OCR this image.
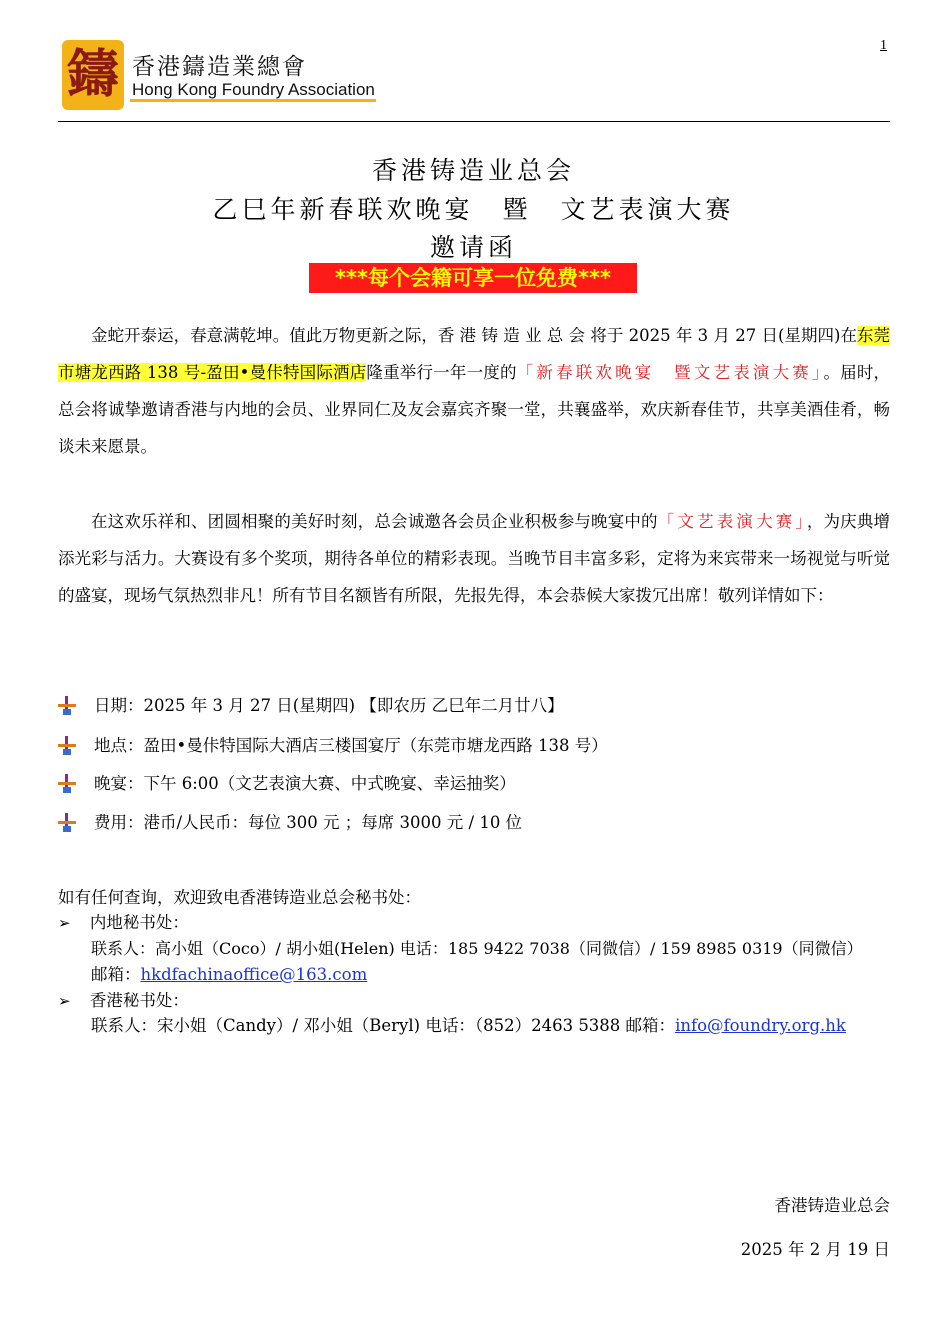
鑄 香港鑄造業總會
Hong Kong Foundry Association
1
香港铸造业总会
乙巳年新春联欢晚宴　暨　文艺表演大赛
邀请函
***每个会籍可享一位免费***
金蛇开泰运，春意满乾坤。值此万物更新之际，香 港 铸 造 业 总 会 将于 2025 年 3 月 27 日(星期四)在东莞市塘龙西路 138 号-盈田•曼佧特国际酒店隆重举行一年一度的「新春联欢晚宴　暨文艺表演大赛」。届时，总会将诚挚邀请香港与内地的会员、业界同仁及友会嘉宾齐聚一堂，共襄盛举，欢庆新春佳节，共享美酒佳肴，畅谈未来愿景。
在这欢乐祥和、团圆相聚的美好时刻，总会诚邀各会员企业积极参与晚宴中的「文艺表演大赛」，为庆典增添光彩与活力。大赛设有多个奖项，期待各单位的精彩表现。当晚节目丰富多彩，定将为来宾带来一场视觉与听觉的盛宴，现场气氛热烈非凡！所有节目名额皆有所限，先报先得，本会恭候大家拨冗出席！敬列详情如下：
日期：2025 年 3 月 27 日(星期四) 【即农历 乙巳年二月廿八】
地点：盈田•曼佧特国际大酒店三楼国宴厅（东莞市塘龙西路 138 号）
晚宴：下午 6:00（文艺表演大赛、中式晚宴、幸运抽奖）
费用：港币/人民币：每位 300 元 ；每席 3000 元 / 10 位
如有任何查询，欢迎致电香港铸造业总会秘书处：
➢ 内地秘书处：
联系人：高小姐（Coco）/ 胡小姐(Helen) 电话：185 9422 7038（同微信）/ 159 8985 0319（同微信）
邮箱：hkdfachinaoffice@163.com
➢ 香港秘书处：
联系人：宋小姐（Candy）/ 邓小姐（Beryl) 电话：（852）2463 5388 邮箱：info@foundry.org.hk
香港铸造业总会
2025 年 2 月 19 日
